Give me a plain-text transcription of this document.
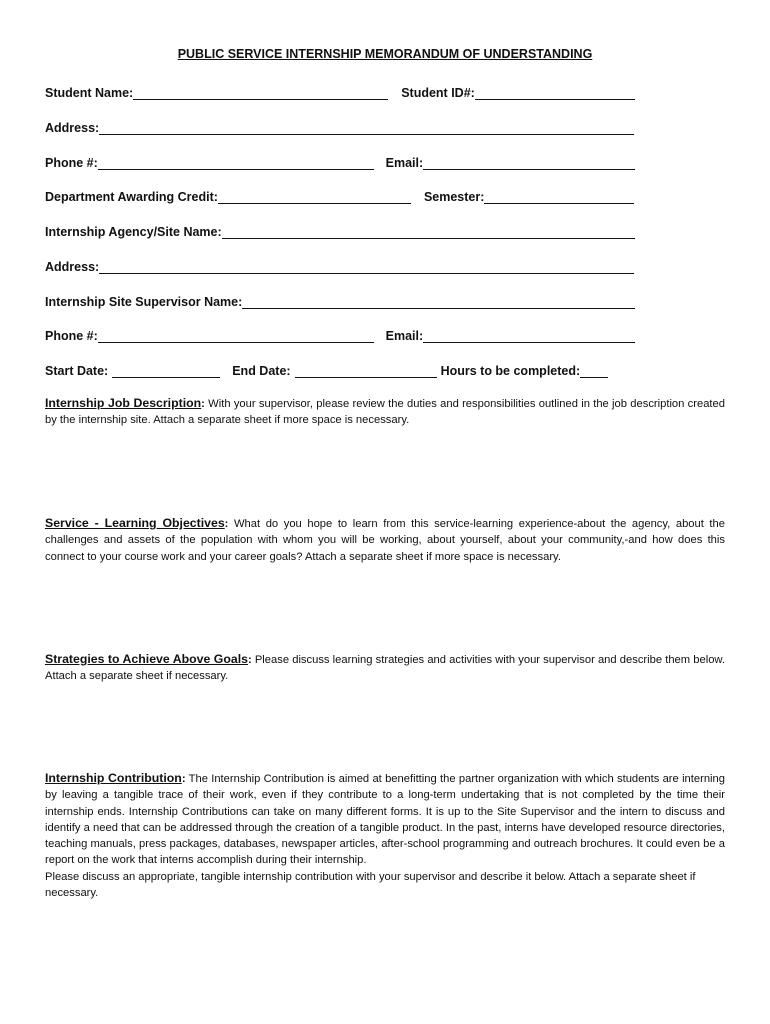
PUBLIC SERVICE INTERNSHIP MEMORANDUM OF UNDERSTANDING
Student Name:	Student ID#:
Address:
Phone #:	Email:
Department Awarding Credit:	Semester:
Internship Agency/Site Name:
Address:
Internship Site Supervisor Name:
Phone #:	Email:
Start Date:	End Date:	Hours to be completed:

Internship Job Description: With your supervisor, please review the duties and responsibilities outlined in the job description created by the internship site. Attach a separate sheet if more space is necessary.

Service - Learning Objectives: What do you hope to learn from this service-learning experience-about the agency, about the challenges and assets of the population with whom you will be working, about yourself, about your community,-and how does this connect to your course work and your career goals? Attach a separate sheet if more space is necessary.

Strategies to Achieve Above Goals: Please discuss learning strategies and activities with your supervisor and describe them below. Attach a separate sheet if necessary.

Internship Contribution: The Internship Contribution is aimed at benefitting the partner organization with which students are interning by leaving a tangible trace of their work, even if they contribute to a long-term undertaking that is not completed by the time their internship ends. Internship Contributions can take on many different forms. It is up to the Site Supervisor and the intern to discuss and identify a need that can be addressed through the creation of a tangible product. In the past, interns have developed resource directories, teaching manuals, press packages, databases, newspaper articles, after-school programming and outreach brochures. It could even be a report on the work that interns accomplish during their internship.

Please discuss an appropriate, tangible internship contribution with your supervisor and describe it below. Attach a separate sheet if necessary.
